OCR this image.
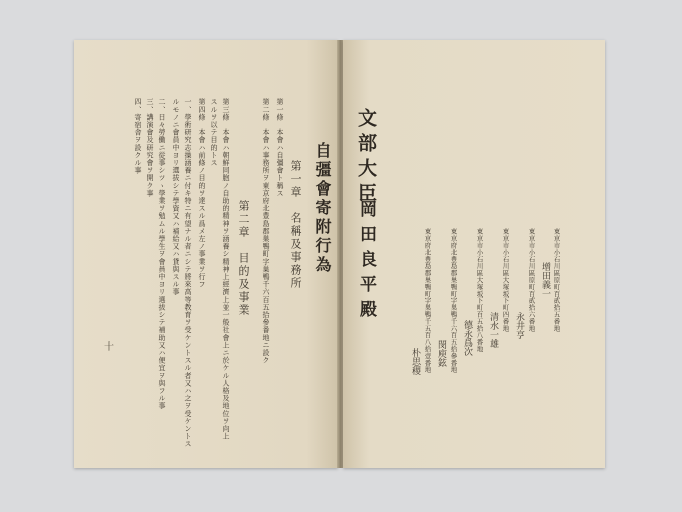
自彊會寄附行為
第一章　名稱及事務所
第一條　本會ハ自彊會ト稱ス
第二條　本會ハ事務所ヲ東京府北豊島郡巣鴨町字巣鴨千六百五拾參番地ニ設ク
第二章　目的及事業
第三條　本會ハ朝鮮同胞ノ自助的精神ヲ涵養シ精神上經濟上並一般社會上ニ於ケル人格及地位ヲ向上
スルヲ以テ目的トス
第四條　本會ハ前條ノ目的ヲ達スル爲メ左ノ事業ヲ行フ
一、學術研究志操涵養ニ付キ特ニ有望ナル者ニシテ將來高等教育ヲ受ケントスル者又ハ之ヲ受ケントス
ルモノニ會員中ヨリ選拔シテ學資又ハ補給又ハ貸與スル事
二、日々勞働ニ從事シツヽ學業ヲ勉ムル學生ヲ會員中ヨリ選拔シテ補助又ハ便宜ヲ與フル事
三、講演會及研究會ヲ開ク事
四、寄宿舎ヲ設クル事
十
文部大臣
岡田良平殿	東京市小石川區原町百貳拾五番地
增田義一
東京市小石川區原町百貳拾六番地
永井亨
東京市小石川區大塚坂下町四番地
清水一雄
東京市小石川區大塚坂下町百五拾八番地
德永爲次
東京府北豊島郡巣鴨町字巣鴨千六百五拾參番地
閔庾鉉
東京府北豊島郡巣鴨町字巣鴨千五百八拾壹番地
朴思稷
